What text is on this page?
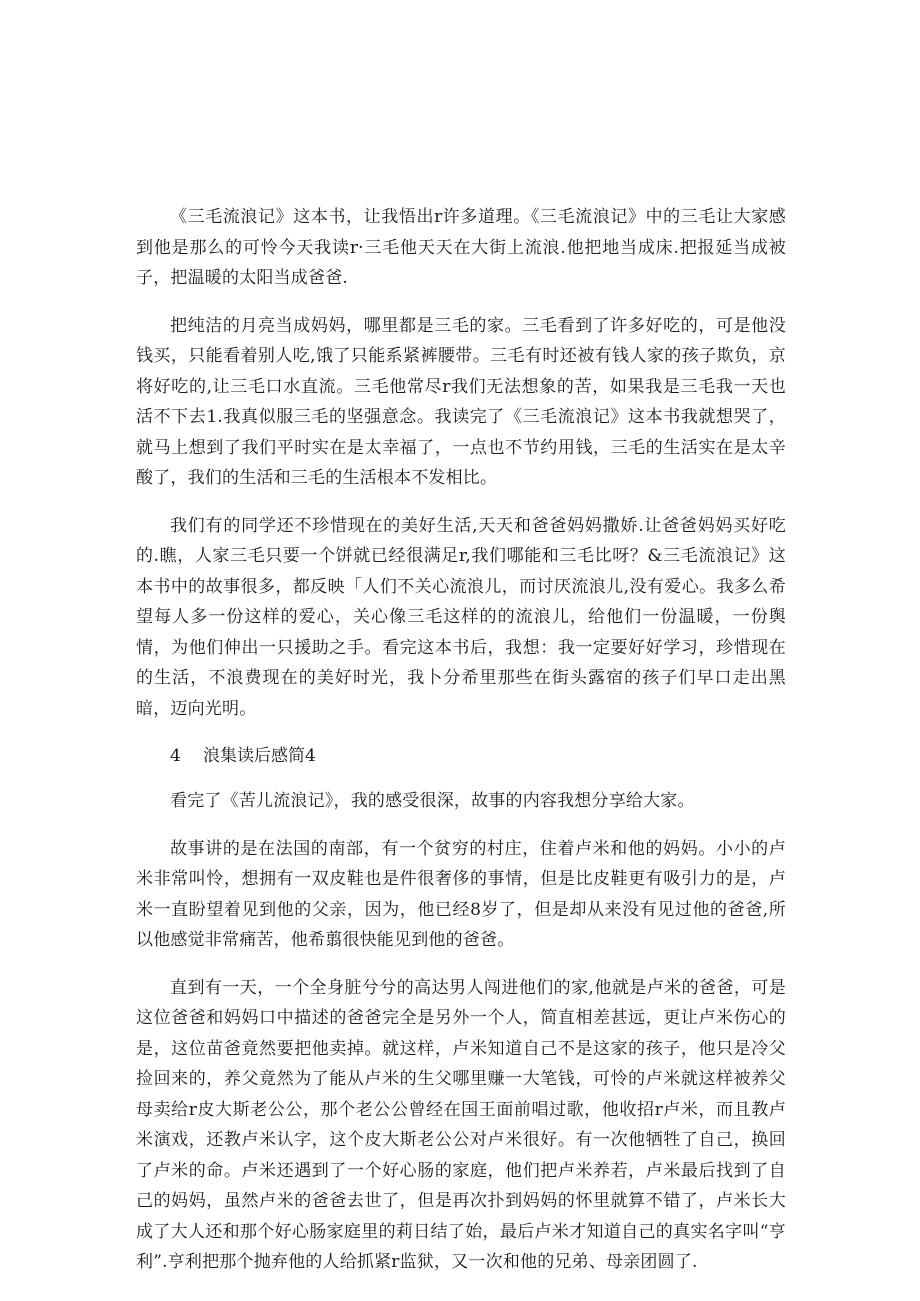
《三毛流浪记》这本书，让我悟出r许多道理。《三毛流浪记》中的三毛让大家感到他是那么的可怜今天我读r·三毛他天天在大街上流浪.他把地当成床.把报延当成被子，把温暖的太阳当成爸爸.

把纯洁的月亮当成妈妈，哪里都是三毛的家。三毛看到了许多好吃的，可是他没钱买，只能看着别人吃,饿了只能系紧裤腰带。三毛有时还被有钱人家的孩子欺负，京将好吃的,让三毛口水直流。三毛他常尽r我们无法想象的苦，如果我是三毛我一天也活不下去1.我真似服三毛的坚强意念。我读完了《三毛流浪记》这本书我就想哭了，就马上想到了我们平时实在是太幸福了，一点也不节约用钱，三毛的生活实在是太辛酸了，我们的生活和三毛的生活根本不发相比。

我们有的同学还不珍惜现在的美好生活,天天和爸爸妈妈撒娇.让爸爸妈妈买好吃的.瞧，人家三毛只要一个饼就已经很满足r,我们哪能和三毛比呀？&三毛流浪记》这本书中的故事很多，都反映「人们不关心流浪儿，而讨厌流浪儿,没有爱心。我多么希望每人多一份这样的爱心，关心像三毛这样的的流浪儿，给他们一份温暖，一份舆情，为他们伸出一只援助之手。看完这本书后，我想：我一定要好好学习，珍惜现在的生活，不浪费现在的美好时光，我卜分希里那些在街头露宿的孩子们早口走出黑暗，迈向光明。

4 浪集读后感简4

看完了《苦儿流浪记》，我的感受很深，故事的内容我想分享给大家。

故事讲的是在法国的南部，有一个贫穷的村庄，住着卢米和他的妈妈。小小的卢米非常叫怜，想拥有一双皮鞋也是件很奢侈的事情，但是比皮鞋更有吸引力的是，卢米一直盼望着见到他的父亲，因为，他已经8岁了，但是却从来没有见过他的爸爸,所以他感觉非常痛苦，他希翦很快能见到他的爸爸。

直到有一天，一个全身脏兮兮的高达男人闯进他们的家,他就是卢米的爸爸，可是这位爸爸和妈妈口中描述的爸爸完全是另外一个人，简直相差甚远，更让卢米伤心的是，这位苗爸竟然要把他卖掉。就这样，卢米知道自己不是这家的孩子，他只是冷父捡回来的，养父竟然为了能从卢米的生父哪里赚一大笔钱，可怜的卢米就这样被养父母卖给r皮大斯老公公，那个老公公曾经在国王面前唱过歌，他收招r卢米，而且教卢米演戏，还教卢米认字，这个皮大斯老公公对卢米很好。有一次他牺牲了自己，换回了卢米的命。卢米还遇到了一个好心肠的家庭，他们把卢米养若，卢米最后找到了自己的妈妈，虽然卢米的爸爸去世了，但是再次扑到妈妈的怀里就算不错了，卢米长大成了大人还和那个好心肠家庭里的莉日结了始，最后卢米才知道自己的真实名字叫“亨利”.亨利把那个抛弃他的人给抓紧r监狱，又一次和他的兄弟、母亲团圆了.
